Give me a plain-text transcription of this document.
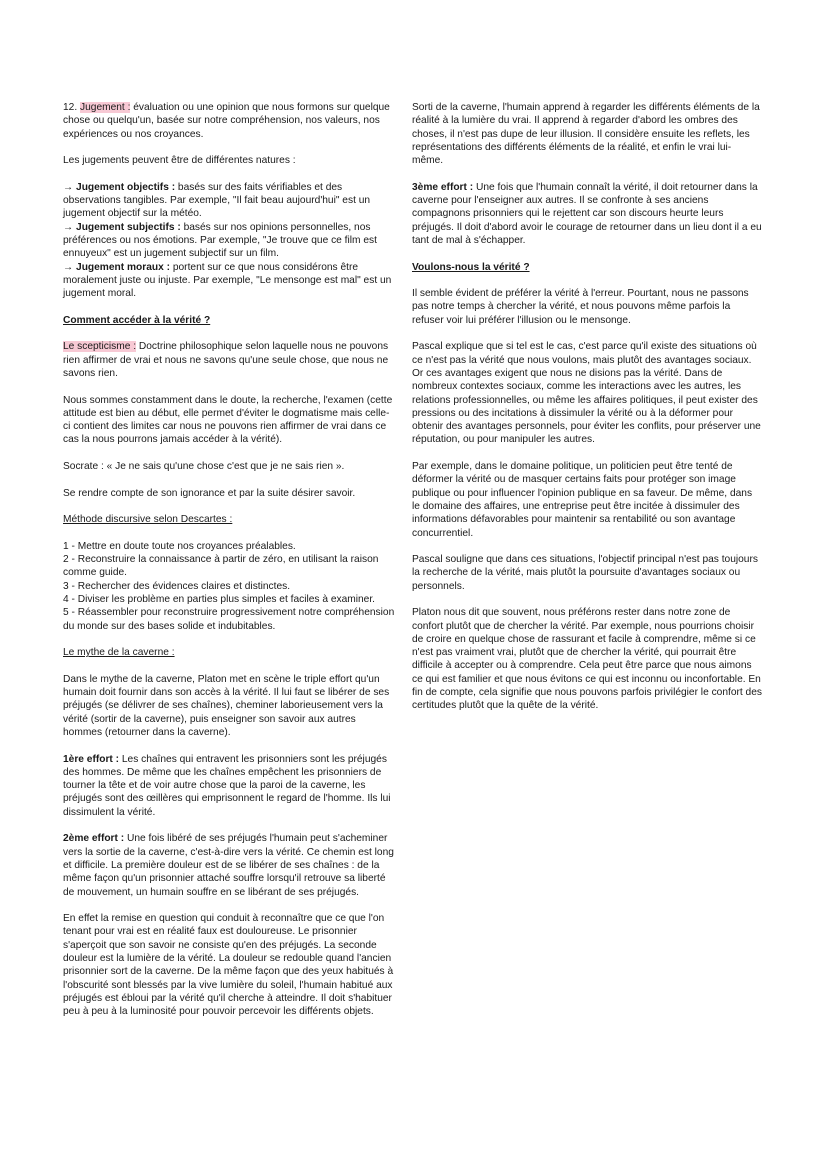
12. Jugement : évaluation ou une opinion que nous formons sur quelque chose ou quelqu'un, basée sur notre compréhension, nos valeurs, nos expériences ou nos croyances.

Les jugements peuvent être de différentes natures :

→ Jugement objectifs : basés sur des faits vérifiables et des observations tangibles. Par exemple, "Il fait beau aujourd'hui" est un jugement objectif sur la météo.
→ Jugement subjectifs : basés sur nos opinions personnelles, nos préférences ou nos émotions. Par exemple, "Je trouve que ce film est ennuyeux" est un jugement subjectif sur un film.
→ Jugement moraux : portent sur ce que nous considérons être moralement juste ou injuste. Par exemple, "Le mensonge est mal" est un jugement moral.

Comment accéder à la vérité ?

Le scepticisme : Doctrine philosophique selon laquelle nous ne pouvons rien affirmer de vrai et nous ne savons qu'une seule chose, que nous ne savons rien.

Nous sommes constamment dans le doute, la recherche, l'examen (cette attitude est bien au début, elle permet d'éviter le dogmatisme mais celle-ci contient des limites car nous ne pouvons rien affirmer de vrai dans ce cas la nous pourrons jamais accéder à la vérité).

Socrate : « Je ne sais qu'une chose c'est que je ne sais rien ».

Se rendre compte de son ignorance et par la suite désirer savoir.

Méthode discursive selon Descartes :

1 - Mettre en doute toute nos croyances préalables.
2 - Reconstruire la connaissance à partir de zéro, en utilisant la raison comme guide.
3 - Rechercher des évidences claires et distinctes.
4 - Diviser les problème en parties plus simples et faciles à examiner.
5 - Réassembler pour reconstruire progressivement notre compréhension du monde sur des bases solide et indubitables.

Le mythe de la caverne :

Dans le mythe de la caverne, Platon met en scène le triple effort qu'un humain doit fournir dans son accès à la vérité. Il lui faut se libérer de ses préjugés (se délivrer de ses chaînes), cheminer laborieusement vers la vérité (sortir de la caverne), puis enseigner son savoir aux autres hommes (retourner dans la caverne).

1ère effort : Les chaînes qui entravent les prisonniers sont les préjugés des hommes. De même que les chaînes empêchent les prisonniers de tourner la tête et de voir autre chose que la paroi de la caverne, les préjugés sont des œillères qui emprisonnent le regard de l'homme. Ils lui dissimulent la vérité.

2ème effort : Une fois libéré de ses préjugés l'humain peut s'acheminer vers la sortie de la caverne, c'est-à-dire vers la vérité. Ce chemin est long et difficile. La première douleur est de se libérer de ses chaînes : de la même façon qu'un prisonnier attaché souffre lorsqu'il retrouve sa liberté de mouvement, un humain souffre en se libérant de ses préjugés.

En effet la remise en question qui conduit à reconnaître que ce que l'on tenant pour vrai est en réalité faux est douloureuse. Le prisonnier s'aperçoit que son savoir ne consiste qu'en des préjugés. La seconde douleur est la lumière de la vérité. La douleur se redouble quand l'ancien prisonnier sort de la caverne. De la même façon que des yeux habitués à l'obscurité sont blessés par la vive lumière du soleil, l'humain habitué aux préjugés est ébloui par la vérité qu'il cherche à atteindre. Il doit s'habituer peu à peu à la luminosité pour pouvoir percevoir les différents objets.

Sorti de la caverne, l'humain apprend à regarder les différents éléments de la réalité à la lumière du vrai. Il apprend à regarder d'abord les ombres des choses, il n'est pas dupe de leur illusion. Il considère ensuite les reflets, les représentations des différents éléments de la réalité, et enfin le vrai lui-même.

3ème effort : Une fois que l'humain connaît la vérité, il doit retourner dans la caverne pour l'enseigner aux autres. Il se confronte à ses anciens compagnons prisonniers qui le rejettent car son discours heurte leurs préjugés. Il doit d'abord avoir le courage de retourner dans un lieu dont il a eu tant de mal à s'échapper.

Voulons-nous la vérité ?

Il semble évident de préférer la vérité à l'erreur. Pourtant, nous ne passons pas notre temps à chercher la vérité, et nous pouvons même parfois la refuser voir lui préférer l'illusion ou le mensonge.

Pascal explique que si tel est le cas, c'est parce qu'il existe des situations où ce n'est pas la vérité que nous voulons, mais plutôt des avantages sociaux. Or ces avantages exigent que nous ne disions pas la vérité. Dans de nombreux contextes sociaux, comme les interactions avec les autres, les relations professionnelles, ou même les affaires politiques, il peut exister des pressions ou des incitations à dissimuler la vérité ou à la déformer pour obtenir des avantages personnels, pour éviter les conflits, pour préserver une réputation, ou pour manipuler les autres.

Par exemple, dans le domaine politique, un politicien peut être tenté de déformer la vérité ou de masquer certains faits pour protéger son image publique ou pour influencer l'opinion publique en sa faveur. De même, dans le domaine des affaires, une entreprise peut être incitée à dissimuler des informations défavorables pour maintenir sa rentabilité ou son avantage concurrentiel.

Pascal souligne que dans ces situations, l'objectif principal n'est pas toujours la recherche de la vérité, mais plutôt la poursuite d'avantages sociaux ou personnels.

Platon nous dit que souvent, nous préférons rester dans notre zone de confort plutôt que de chercher la vérité. Par exemple, nous pourrions choisir de croire en quelque chose de rassurant et facile à comprendre, même si ce n'est pas vraiment vrai, plutôt que de chercher la vérité, qui pourrait être difficile à accepter ou à comprendre. Cela peut être parce que nous aimons ce qui est familier et que nous évitons ce qui est inconnu ou inconfortable. En fin de compte, cela signifie que nous pouvons parfois privilégier le confort des certitudes plutôt que la quête de la vérité.
